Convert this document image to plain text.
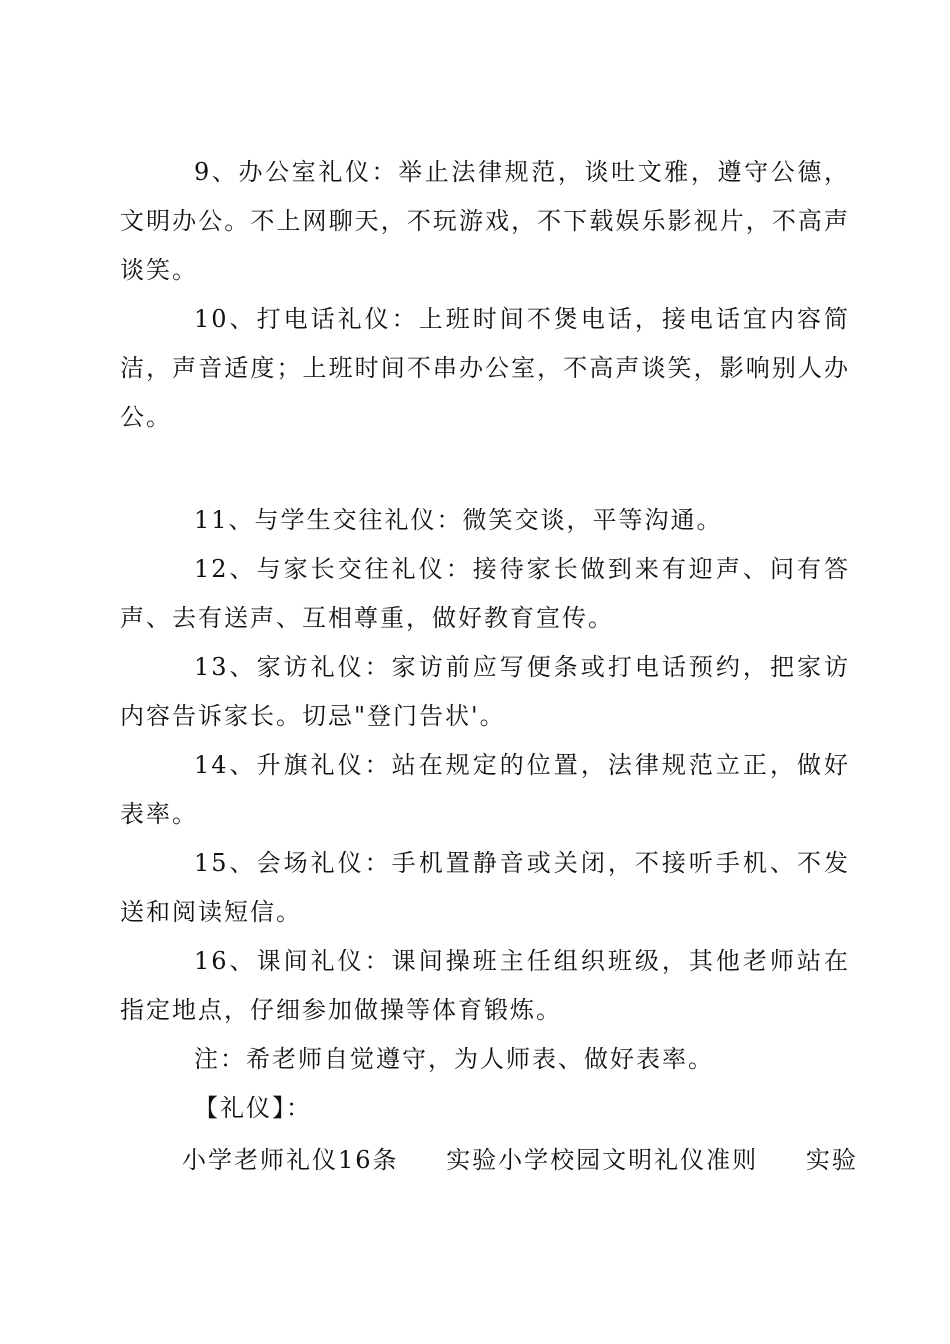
9、办公室礼仪：举止法律规范，谈吐文雅，遵守公德，文明办公。不上网聊天，不玩游戏，不下载娱乐影视片，不高声谈笑。

10、打电话礼仪：上班时间不煲电话，接电话宜内容简洁，声音适度；上班时间不串办公室，不高声谈笑，影响别人办公。

11、与学生交往礼仪：微笑交谈，平等沟通。

12、与家长交往礼仪：接待家长做到来有迎声、问有答声、去有送声、互相尊重，做好教育宣传。

13、家访礼仪：家访前应写便条或打电话预约，把家访内容告诉家长。切忌"登门告状'。

14、升旗礼仪：站在规定的位置，法律规范立正，做好表率。

15、会场礼仪：手机置静音或关闭，不接听手机、不发送和阅读短信。

16、课间礼仪：课间操班主任组织班级，其他老师站在指定地点，仔细参加做操等体育锻炼。

注：希老师自觉遵守，为人师表、做好表率。

【礼仪】：

小学老师礼仪16条 实验小学校园文明礼仪准则 实验
